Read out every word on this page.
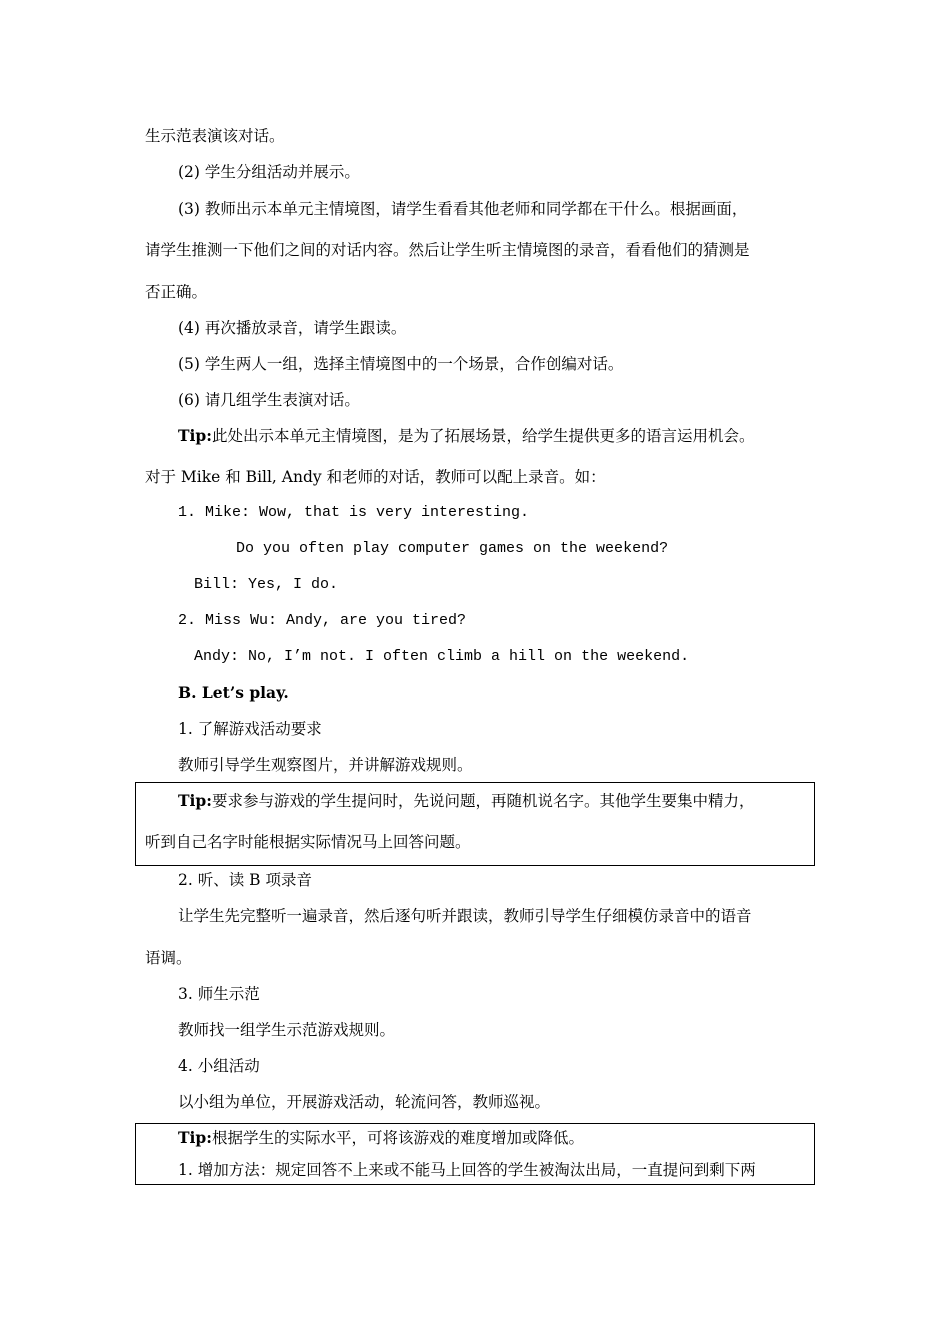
生示范表演该对话。
(2) 学生分组活动并展示。
(3) 教师出示本单元主情境图，请学生看看其他老师和同学都在干什么。根据画面，
请学生推测一下他们之间的对话内容。然后让学生听主情境图的录音，看看他们的猜测是
否正确。
(4) 再次播放录音，请学生跟读。
(5) 学生两人一组，选择主情境图中的一个场景，合作创编对话。
(6) 请几组学生表演对话。
Tip:此处出示本单元主情境图，是为了拓展场景，给学生提供更多的语言运用机会。
对于 Mike 和 Bill, Andy 和老师的对话，教师可以配上录音。如：
1. Mike: Wow, that is very interesting.
Do you often play computer games on the weekend?
Bill: Yes, I do.
2. Miss Wu: Andy, are you tired?
Andy: No, I’m not. I often climb a hill on the weekend.
B. Let’s play.
1. 了解游戏活动要求
教师引导学生观察图片，并讲解游戏规则。
Tip:要求参与游戏的学生提问时，先说问题，再随机说名字。其他学生要集中精力，
听到自己名字时能根据实际情况马上回答问题。
2. 听、读 B 项录音
让学生先完整听一遍录音，然后逐句听并跟读，教师引导学生仔细模仿录音中的语音
语调。
3. 师生示范
教师找一组学生示范游戏规则。
4. 小组活动
以小组为单位，开展游戏活动，轮流问答，教师巡视。
Tip:根据学生的实际水平，可将该游戏的难度增加或降低。
1. 增加方法：规定回答不上来或不能马上回答的学生被淘汰出局，一直提问到剩下两
